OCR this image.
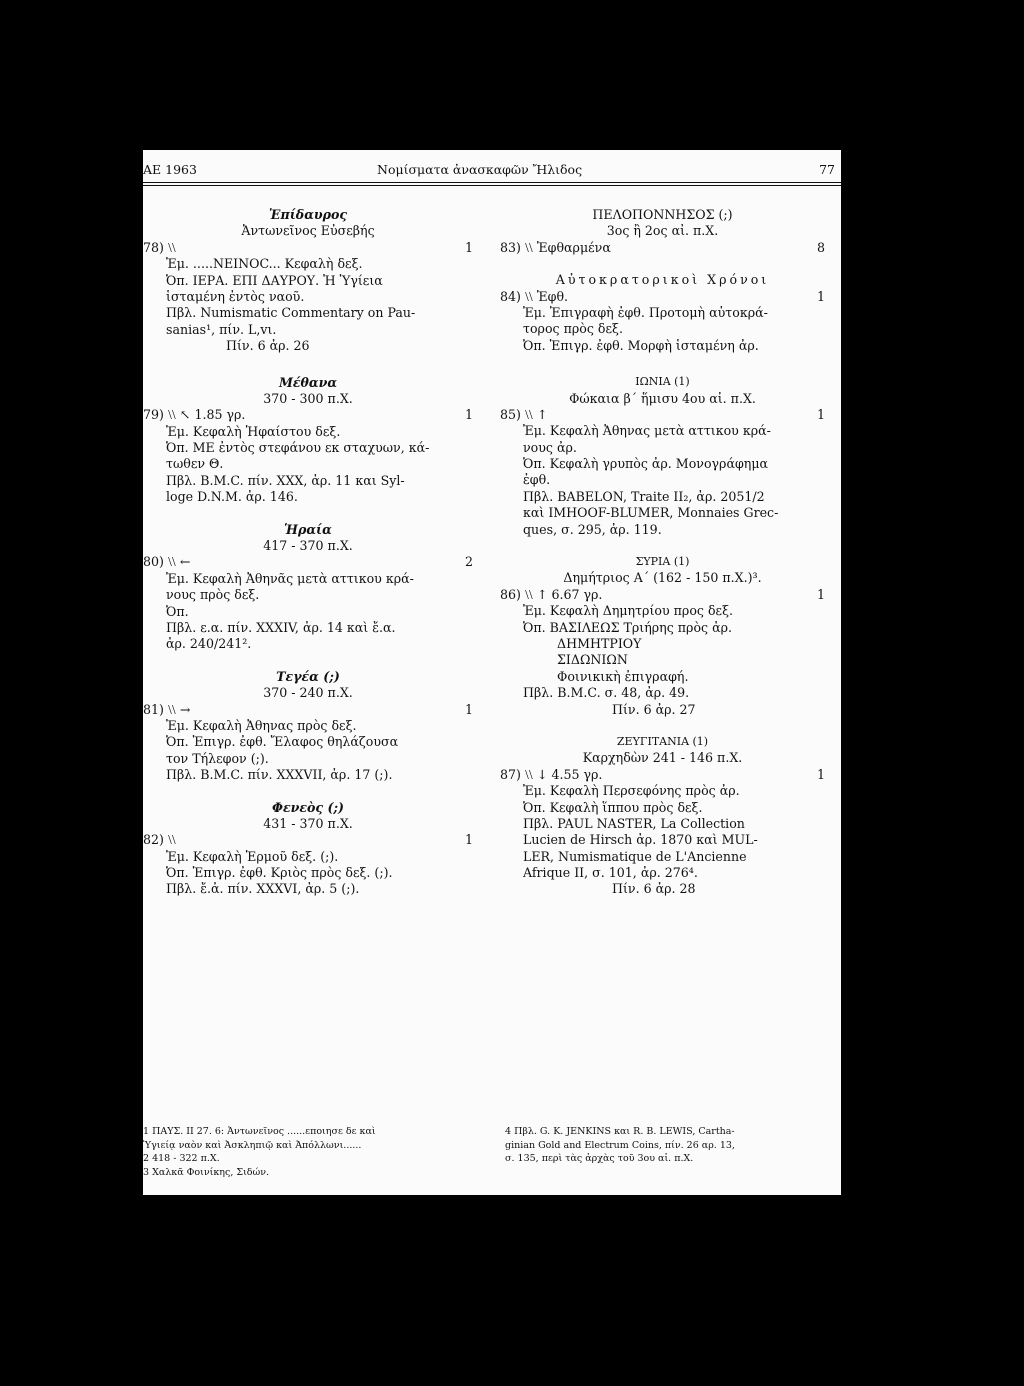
ΑΕ 1963	Νομίσματα ἀνασκαφῶν Ἤλιδος	77
Ἐπίδαυρος
Ἀντωνεῖνος Εὐσεβής
78) ⧵⧵	1
Ἐμ. .....NEINOC... Κεφαλὴ δεξ.
Ὀπ. ΙΕΡΑ. ΕΠΙ ΔΑΥΡΟΥ. Ἡ Ὑγίεια
ἱσταμένη ἐντὸς ναοῦ.
Πβλ. Numismatic Commentary on Pau-
sanias¹, πίν. L,vι.
Πίν. 6 ἀρ. 26
Μέθανα
370 - 300 π.Χ.
79) ⧵⧵ ↖ 1.85 γρ.	1
Ἐμ. Κεφαλὴ Ἡφαίστου δεξ.
Ὀπ. ΜΕ ἐντὸς στεφάνου εκ σταχυων, κά-
τωθεν Θ.
Πβλ. Β.Μ.C. πίν. XXX, ἀρ. 11 και Syl-
loge D.N.M. ἀρ. 146.
Ἡραία
417 - 370 π.Χ.
80) ⧵⧵ ←	2
Ἐμ. Κεφαλὴ Ἀθηνᾶς μετὰ αττικου κρά-
νους πρὸς δεξ.
Ὀπ.
Πβλ. ε.α. πίν. XXXIV, ἀρ. 14 καὶ ἔ.α.
ἀρ. 240/241².
Τεγέα (;)
370 - 240 π.Χ.
81) ⧵⧵ →	1
Ἐμ. Κεφαλὴ Ἀθηνας πρὸς δεξ.
Ὀπ. Ἐπιγρ. ἐφθ. Ἔλαφος θηλάζουσα
τον Τήλεφον (;).
Πβλ. Β.Μ.C. πίν. XXXVII, ἀρ. 17 (;).
Φενεὸς (;)
431 - 370 π.Χ.
82) ⧵⧵	1
Ἐμ. Κεφαλὴ Ἑρμοῦ δεξ. (;).
Ὀπ. Ἐπιγρ. ἐφθ. Κριὸς πρὸς δεξ. (;).
Πβλ. ἔ.ἀ. πίν. XXXVI, ἀρ. 5 (;).
ΠΕΛΟΠΟΝΝΗΣΟΣ (;)
3ος ἢ 2ος αἰ. π.Χ.
83) ⧵⧵ Ἐφθαρμένα	8
Αὐτοκρατορικοὶ Χρόνοι
84) ⧵⧵ Ἐφθ.	1
Ἐμ. Ἐπιγραφὴ ἐφθ. Προτομὴ αὐτοκρά-
τορος πρὸς δεξ.
Ὀπ. Ἐπιγρ. ἐφθ. Μορφὴ ἱσταμένη ἀρ.
ΙΩΝΙΑ (1)
Φώκαια β΄ ἥμισυ 4ου αἰ. π.Χ.
85) ⧵⧵ ↑	1
Ἐμ. Κεφαλὴ Ἀθηνας μετὰ αττικου κρά-
νους ἀρ.
Ὀπ. Κεφαλὴ γρυπὸς ἀρ. Μονογράφημα
ἐφθ.
Πβλ. BABELON, Traite II₂, ἀρ. 2051/2
καὶ IMHOOF-BLUMER, Monnaies Grec-
ques, σ. 295, ἀρ. 119.
ΣΥΡΙΑ (1)
Δημήτριος Α΄ (162 - 150 π.Χ.)³.
86) ⧵⧵ ↑ 6.67 γρ.	1
Ἐμ. Κεφαλὴ Δημητρίου προς δεξ.
Ὀπ. ΒΑΣΙΛΕΩΣ Τριήρης πρὸς ἀρ.
ΔΗΜΗΤΡΙΟΥ
ΣΙΔΩΝΙΩΝ
Φοινικικὴ ἐπιγραφή.
Πβλ. Β.Μ.C. σ. 48, ἀρ. 49.
Πίν. 6 ἀρ. 27
ΖΕΥΓΙΤΑΝΙΑ (1)
Καρχηδὼν 241 - 146 π.Χ.
87) ⧵⧵ ↓ 4.55 γρ.	1
Ἐμ. Κεφαλὴ Περσεφόνης πρὸς ἀρ.
Ὀπ. Κεφαλὴ ἵππου πρὸς δεξ.
Πβλ. PAUL NASTER, La Collection
Lucien de Hirsch ἀρ. 1870 καὶ MUL-
LER, Numismatique de L'Ancienne
Afrique II, σ. 101, ἀρ. 276⁴.
Πίν. 6 ἀρ. 28
1 ΠΑΥΣ. II 27. 6: Ἀντωνεῖνος ......εποιησε δε καὶ
Ὑγιείᾳ ναὸν καὶ Ἀσκληπιῷ καὶ Ἀπόλλωνι......
2 418 - 322 π.Χ.
3 Χαλκᾶ Φοινίκης, Σιδών.
4 Πβλ. G. K. JENKINS και R. B. LEWIS, Cartha-
ginian Gold and Electrum Coins, πίν. 26 αρ. 13,
σ. 135, περὶ τὰς ἀρχὰς τοῦ 3ου αἰ. π.Χ.
